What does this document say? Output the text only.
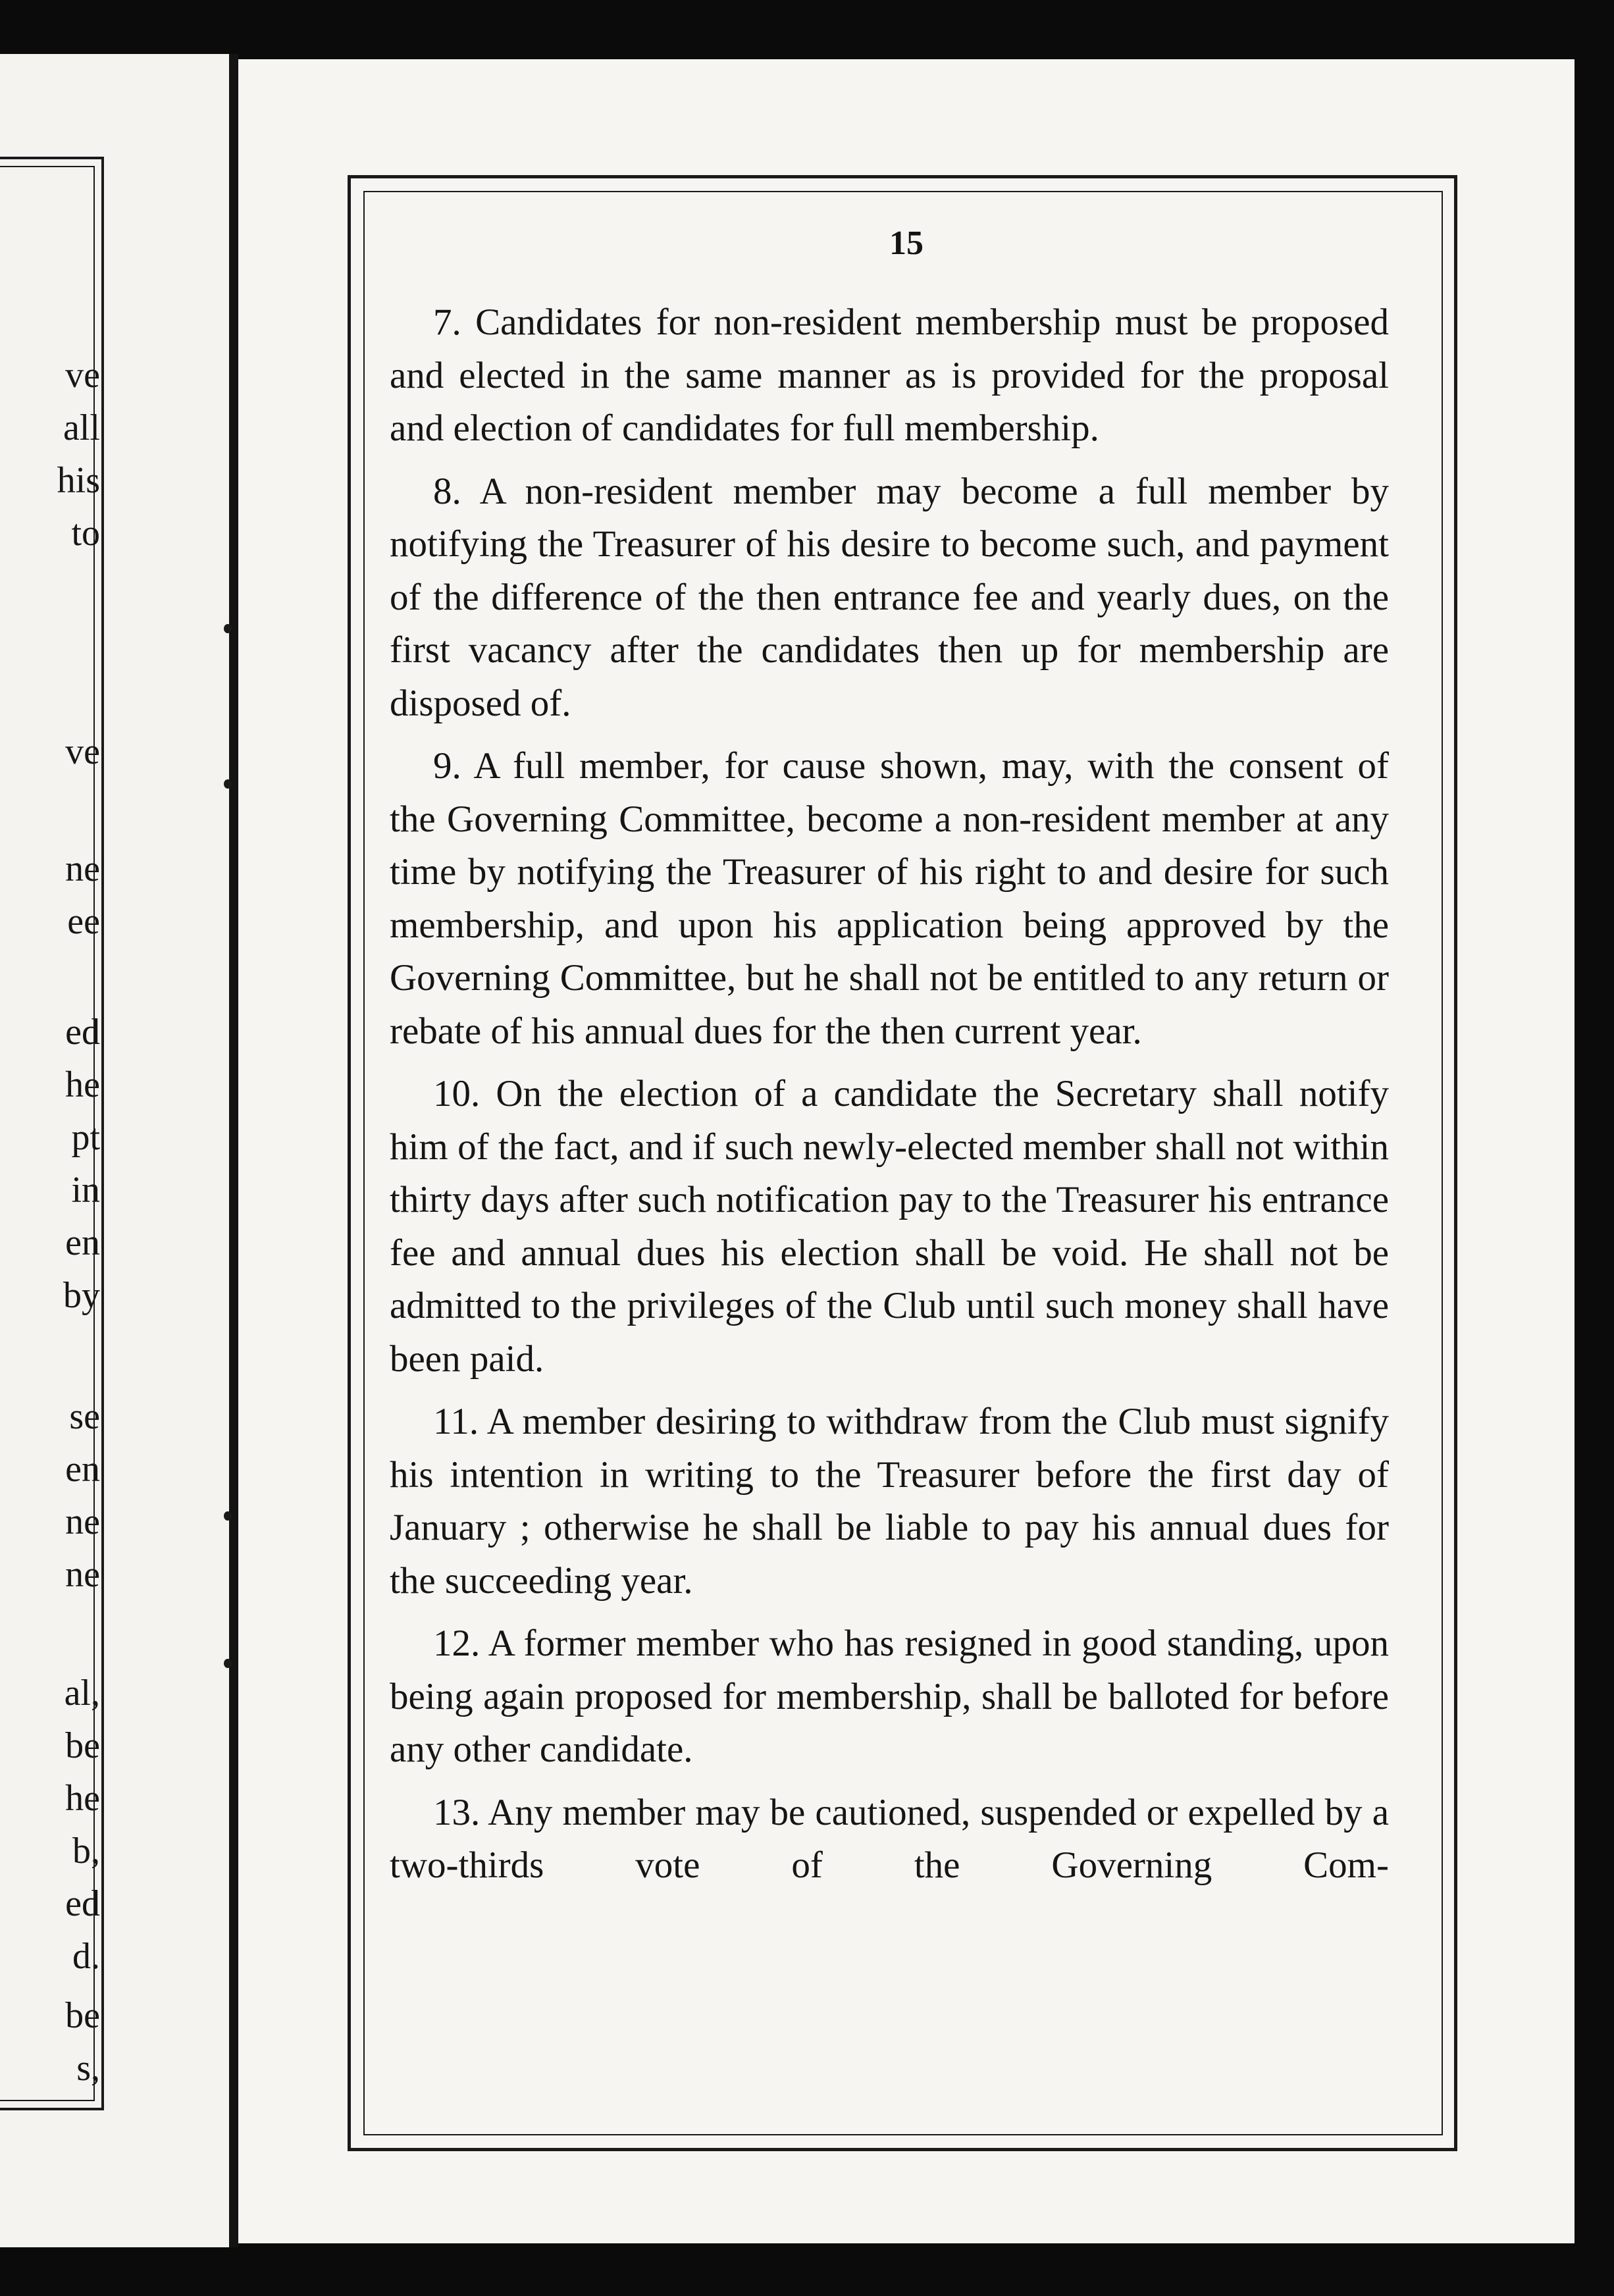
ve
all
his
to
ve
ne
ee
ed
he
pt
in
en
by
se
en
ne
ne
al,
be
he
b,
ed
d.
be
s,
15

7. Candidates for non-resident membership must be proposed and elected in the same manner as is provided for the proposal and election of candidates for full membership.

8. A non-resident member may become a full member by notifying the Treasurer of his desire to become such, and payment of the difference of the then entrance fee and yearly dues, on the first vacancy after the candidates then up for membership are disposed of.

9. A full member, for cause shown, may, with the consent of the Governing Committee, become a non-resident member at any time by notifying the Treasurer of his right to and desire for such membership, and upon his application being approved by the Governing Committee, but he shall not be entitled to any return or rebate of his annual dues for the then current year.

10. On the election of a candidate the Secretary shall notify him of the fact, and if such newly-elected member shall not within thirty days after such notification pay to the Treasurer his entrance fee and annual dues his election shall be void. He shall not be admitted to the privileges of the Club until such money shall have been paid.

11. A member desiring to withdraw from the Club must signify his intention in writing to the Treasurer before the first day of January ; otherwise he shall be liable to pay his annual dues for the succeeding year.

12. A former member who has resigned in good standing, upon being again proposed for membership, shall be balloted for before any other candidate.

13. Any member may be cautioned, suspended or expelled by a two-thirds vote of the Governing Com-
